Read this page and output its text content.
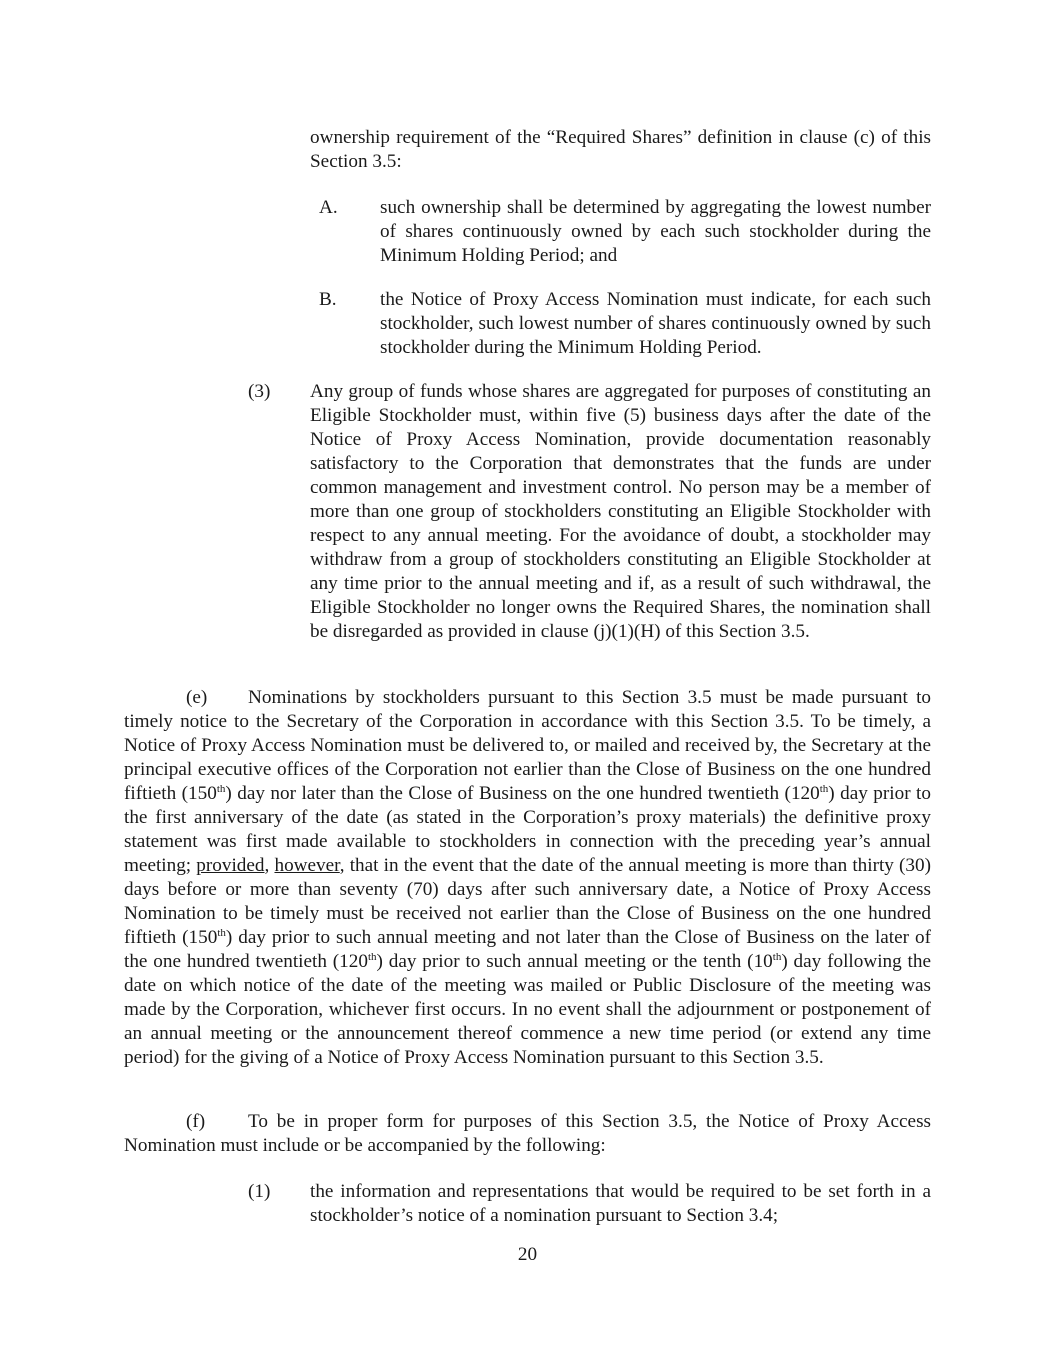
ownership requirement of the “Required Shares” definition in clause (c) of this Section 3.5:

A. such ownership shall be determined by aggregating the lowest number of shares continuously owned by each such stockholder during the Minimum Holding Period; and

B. the Notice of Proxy Access Nomination must indicate, for each such stockholder, such lowest number of shares continuously owned by such stockholder during the Minimum Holding Period.

(3) Any group of funds whose shares are aggregated for purposes of constituting an Eligible Stockholder must, within five (5) business days after the date of the Notice of Proxy Access Nomination, provide documentation reasonably satisfactory to the Corporation that demonstrates that the funds are under common management and investment control. No person may be a member of more than one group of stockholders constituting an Eligible Stockholder with respect to any annual meeting. For the avoidance of doubt, a stockholder may withdraw from a group of stockholders constituting an Eligible Stockholder at any time prior to the annual meeting and if, as a result of such withdrawal, the Eligible Stockholder no longer owns the Required Shares, the nomination shall be disregarded as provided in clause (j)(1)(H) of this Section 3.5.

(e) Nominations by stockholders pursuant to this Section 3.5 must be made pursuant to timely notice to the Secretary of the Corporation in accordance with this Section 3.5. To be timely, a Notice of Proxy Access Nomination must be delivered to, or mailed and received by, the Secretary at the principal executive offices of the Corporation not earlier than the Close of Business on the one hundred fiftieth (150th) day nor later than the Close of Business on the one hundred twentieth (120th) day prior to the first anniversary of the date (as stated in the Corporation’s proxy materials) the definitive proxy statement was first made available to stockholders in connection with the preceding year’s annual meeting; provided, however, that in the event that the date of the annual meeting is more than thirty (30) days before or more than seventy (70) days after such anniversary date, a Notice of Proxy Access Nomination to be timely must be received not earlier than the Close of Business on the one hundred fiftieth (150th) day prior to such annual meeting and not later than the Close of Business on the later of the one hundred twentieth (120th) day prior to such annual meeting or the tenth (10th) day following the date on which notice of the date of the meeting was mailed or Public Disclosure of the meeting was made by the Corporation, whichever first occurs. In no event shall the adjournment or postponement of an annual meeting or the announcement thereof commence a new time period (or extend any time period) for the giving of a Notice of Proxy Access Nomination pursuant to this Section 3.5.

(f) To be in proper form for purposes of this Section 3.5, the Notice of Proxy Access Nomination must include or be accompanied by the following:

(1) the information and representations that would be required to be set forth in a stockholder’s notice of a nomination pursuant to Section 3.4;

20
